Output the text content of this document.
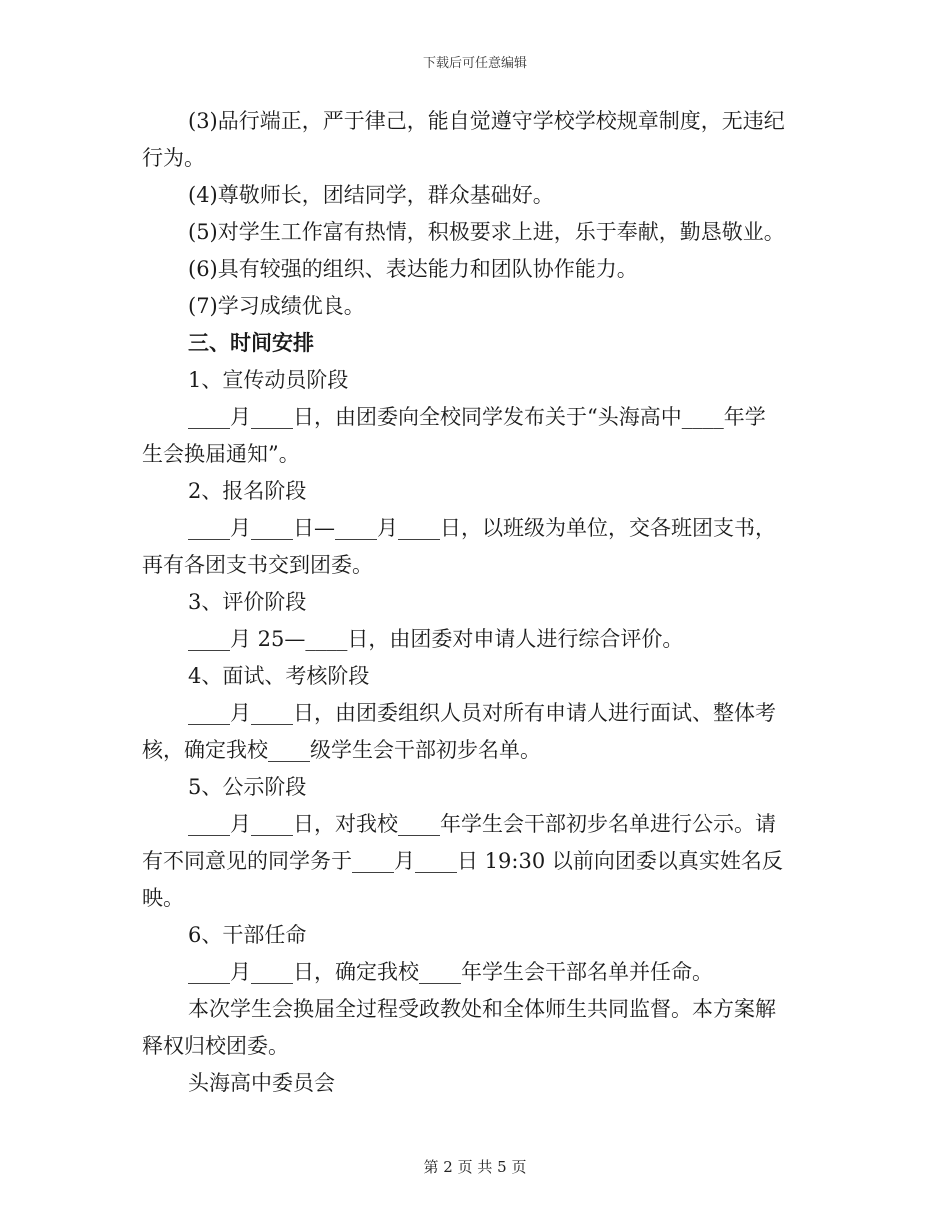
下载后可任意编辑

(3)品行端正，严于律己，能自觉遵守学校学校规章制度，无违纪

行为。

(4)尊敬师长，团结同学，群众基础好。

(5)对学生工作富有热情，积极要求上进，乐于奉献，勤恳敬业。

(6)具有较强的组织、表达能力和团队协作能力。

(7)学习成绩优良。

三、时间安排

1、宣传动员阶段

____月____日，由团委向全校同学发布关于“头海高中____年学

生会换届通知”。

2、报名阶段

____月____日—____月____日，以班级为单位，交各班团支书，

再有各团支书交到团委。

3、评价阶段

____月 25—____日，由团委对申请人进行综合评价。

4、面试、考核阶段

____月____日，由团委组织人员对所有申请人进行面试、整体考

核，确定我校____级学生会干部初步名单。

5、公示阶段

____月____日，对我校____年学生会干部初步名单进行公示。请

有不同意见的同学务于____月____日 19:30 以前向团委以真实姓名反

映。

6、干部任命

____月____日，确定我校____年学生会干部名单并任命。

本次学生会换届全过程受政教处和全体师生共同监督。本方案解

释权归校团委。

头海高中委员会

第 2 页 共 5 页
